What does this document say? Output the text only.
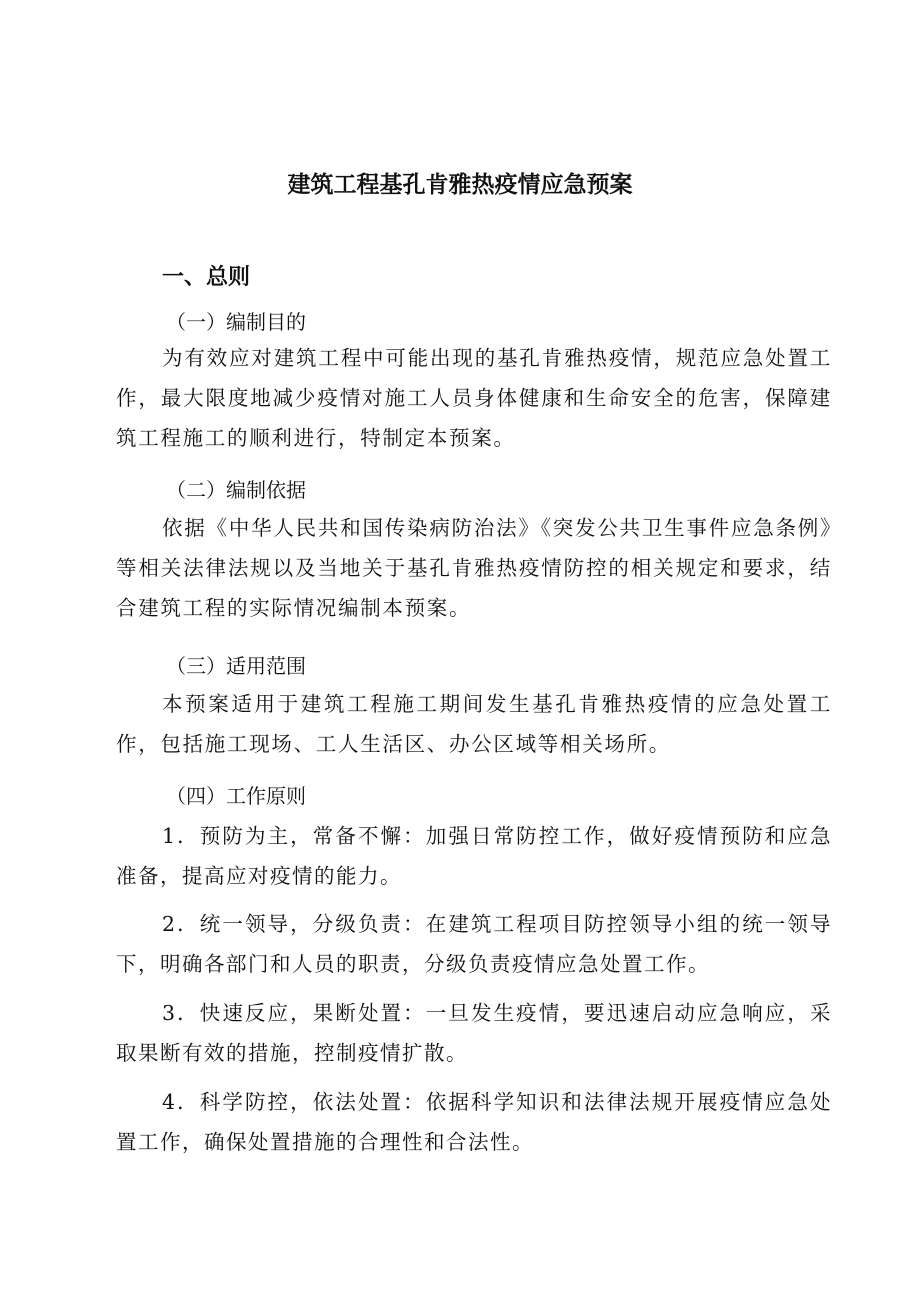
建筑工程基孔肯雅热疫情应急预案
一、总则
（一）编制目的
为有效应对建筑工程中可能出现的基孔肯雅热疫情，规范应急处置工作，最大限度地减少疫情对施工人员身体健康和生命安全的危害，保障建筑工程施工的顺利进行，特制定本预案。
（二）编制依据
依据《中华人民共和国传染病防治法》《突发公共卫生事件应急条例》等相关法律法规以及当地关于基孔肯雅热疫情防控的相关规定和要求，结合建筑工程的实际情况编制本预案。
（三）适用范围
本预案适用于建筑工程施工期间发生基孔肯雅热疫情的应急处置工作，包括施工现场、工人生活区、办公区域等相关场所。
（四）工作原则
1．预防为主，常备不懈：加强日常防控工作，做好疫情预防和应急准备，提高应对疫情的能力。
2．统一领导，分级负责：在建筑工程项目防控领导小组的统一领导下，明确各部门和人员的职责，分级负责疫情应急处置工作。
3．快速反应，果断处置：一旦发生疫情，要迅速启动应急响应，采取果断有效的措施，控制疫情扩散。
4．科学防控，依法处置：依据科学知识和法律法规开展疫情应急处置工作，确保处置措施的合理性和合法性。
